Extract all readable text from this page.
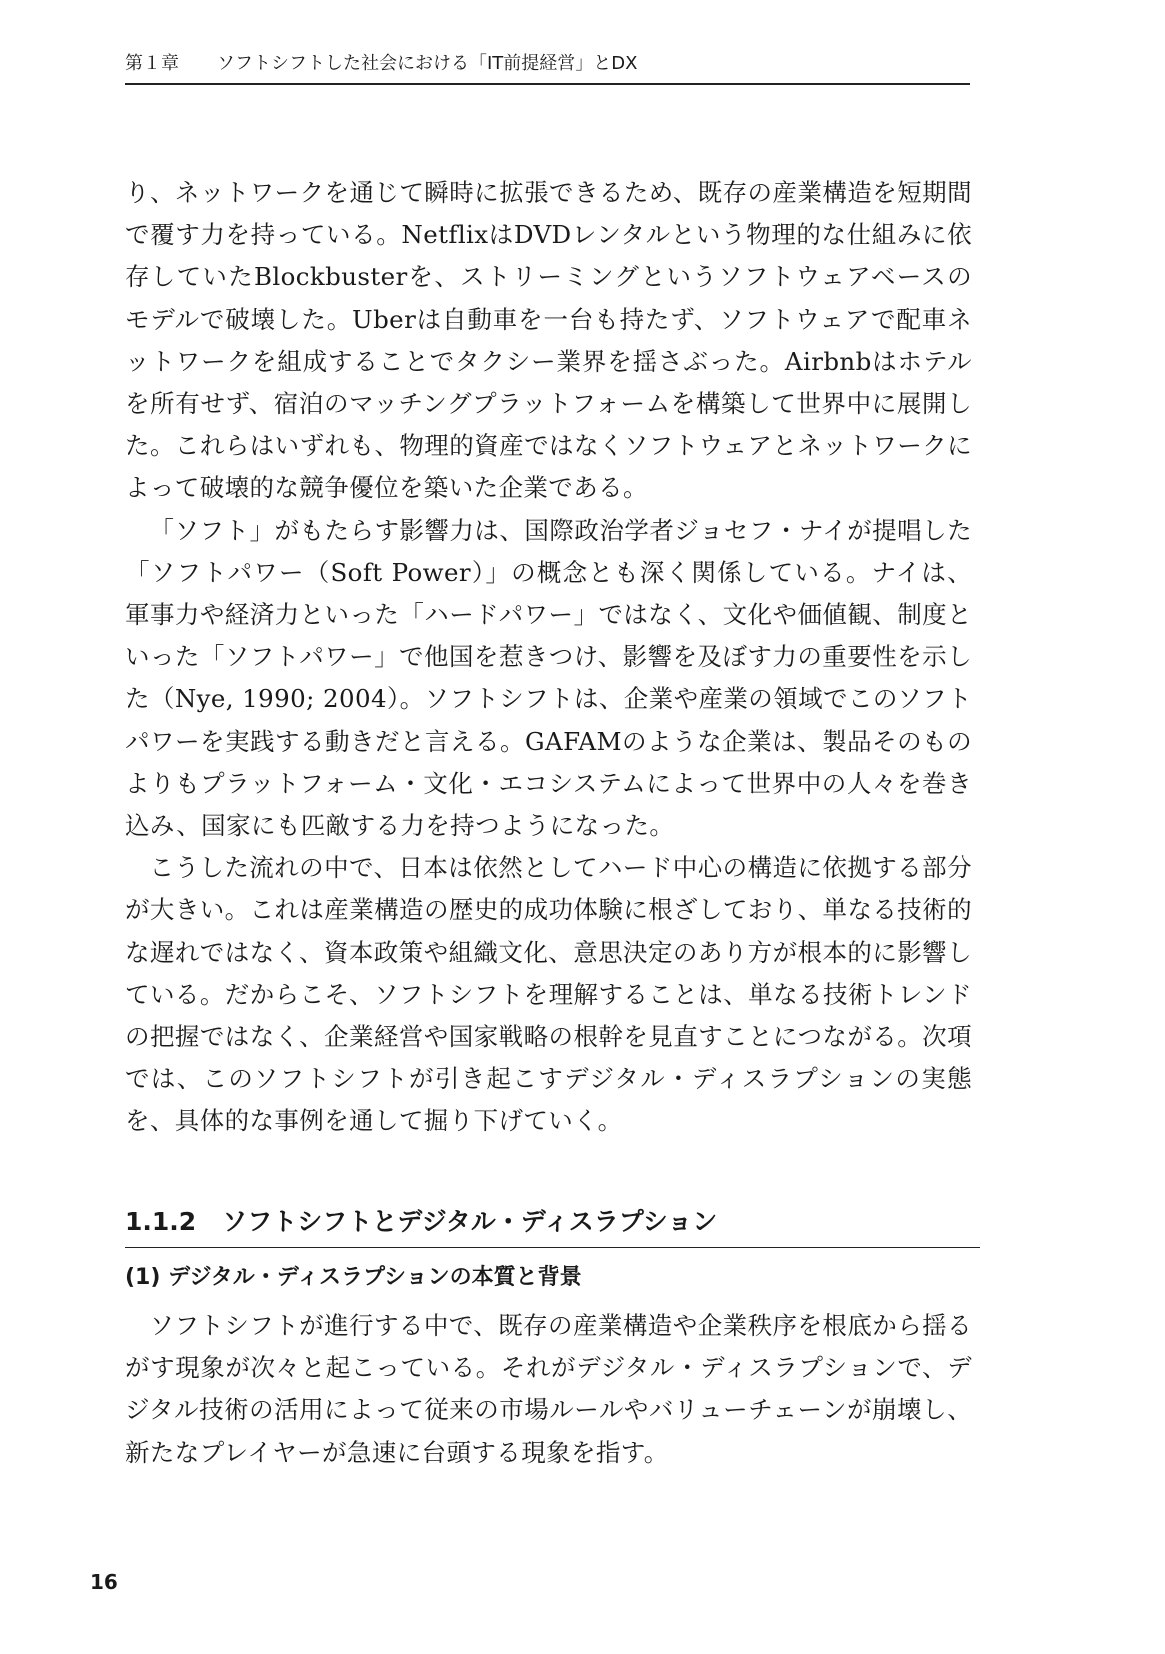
第１章 ソフトシフトした社会における「IT前提経営」とDX

り、ネットワークを通じて瞬時に拡張できるため、既存の産業構造を短期間で覆す力を持っている。NetflixはDVDレンタルという物理的な仕組みに依存していたBlockbusterを、ストリーミングというソフトウェアベースのモデルで破壊した。Uberは自動車を一台も持たず、ソフトウェアで配車ネットワークを組成することでタクシー業界を揺さぶった。Airbnbはホテルを所有せず、宿泊のマッチングプラットフォームを構築して世界中に展開した。これらはいずれも、物理的資産ではなくソフトウェアとネットワークによって破壊的な競争優位を築いた企業である。

「ソフト」がもたらす影響力は、国際政治学者ジョセフ・ナイが提唱した「ソフトパワー（Soft Power）」の概念とも深く関係している。ナイは、軍事力や経済力といった「ハードパワー」ではなく、文化や価値観、制度といった「ソフトパワー」で他国を惹きつけ、影響を及ぼす力の重要性を示した（Nye, 1990; 2004）。ソフトシフトは、企業や産業の領域でこのソフトパワーを実践する動きだと言える。GAFAMのような企業は、製品そのものよりもプラットフォーム・文化・エコシステムによって世界中の人々を巻き込み、国家にも匹敵する力を持つようになった。

こうした流れの中で、日本は依然としてハード中心の構造に依拠する部分が大きい。これは産業構造の歴史的成功体験に根ざしており、単なる技術的な遅れではなく、資本政策や組織文化、意思決定のあり方が根本的に影響している。だからこそ、ソフトシフトを理解することは、単なる技術トレンドの把握ではなく、企業経営や国家戦略の根幹を見直すことにつながる。次項では、このソフトシフトが引き起こすデジタル・ディスラプションの実態を、具体的な事例を通して掘り下げていく。

1.1.2 ソフトシフトとデジタル・ディスラプション
(1) デジタル・ディスラプションの本質と背景

ソフトシフトが進行する中で、既存の産業構造や企業秩序を根底から揺るがす現象が次々と起こっている。それがデジタル・ディスラプションで、デジタル技術の活用によって従来の市場ルールやバリューチェーンが崩壊し、新たなプレイヤーが急速に台頭する現象を指す。

16
